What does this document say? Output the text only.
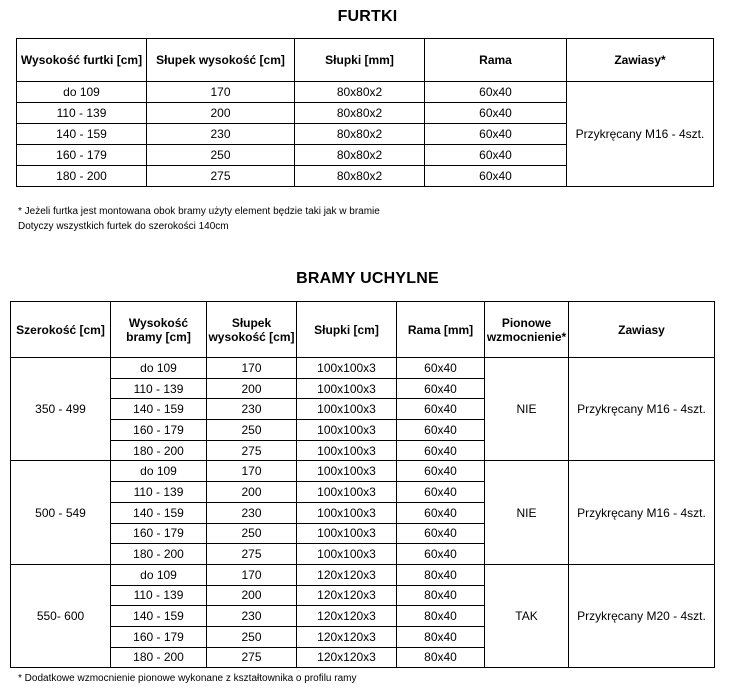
FURTKI
Wysokość furtki [cm]	Słupek wysokość [cm]	Słupki [mm]	Rama	Zawiasy*
do 109	170	80x80x2	60x40	Przykręcany M16 - 4szt.
110 - 139	200	80x80x2	60x40	
140 - 159	230	80x80x2	60x40	
160 - 179	250	80x80x2	60x40	
180 - 200	275	80x80x2	60x40	
* Jeżeli furtka jest montowana obok bramy użyty element będzie taki jak w bramie
Dotyczy wszystkich furtek do szerokości 140cm
BRAMY UCHYLNE
Szerokość [cm]	Wysokość bramy [cm]	Słupek wysokość [cm]	Słupki [cm]	Rama [mm]	Pionowe wzmocnienie*	Zawiasy
350 - 499	do 109	170	100x100x3	60x40	NIE	Przykręcany M16 - 4szt.
	110 - 139	200	100x100x3	60x40		
	140 - 159	230	100x100x3	60x40		
	160 - 179	250	100x100x3	60x40		
	180 - 200	275	100x100x3	60x40		
500 - 549	do 109	170	100x100x3	60x40	NIE	Przykręcany M16 - 4szt.
	110 - 139	200	100x100x3	60x40		
	140 - 159	230	100x100x3	60x40		
	160 - 179	250	100x100x3	60x40		
	180 - 200	275	100x100x3	60x40		
550- 600	do 109	170	120x120x3	80x40	TAK	Przykręcany M20 - 4szt.
	110 - 139	200	120x120x3	80x40		
	140 - 159	230	120x120x3	80x40		
	160 - 179	250	120x120x3	80x40		
	180 - 200	275	120x120x3	80x40		
* Dodatkowe wzmocnienie pionowe wykonane z kształtownika o profilu ramy
